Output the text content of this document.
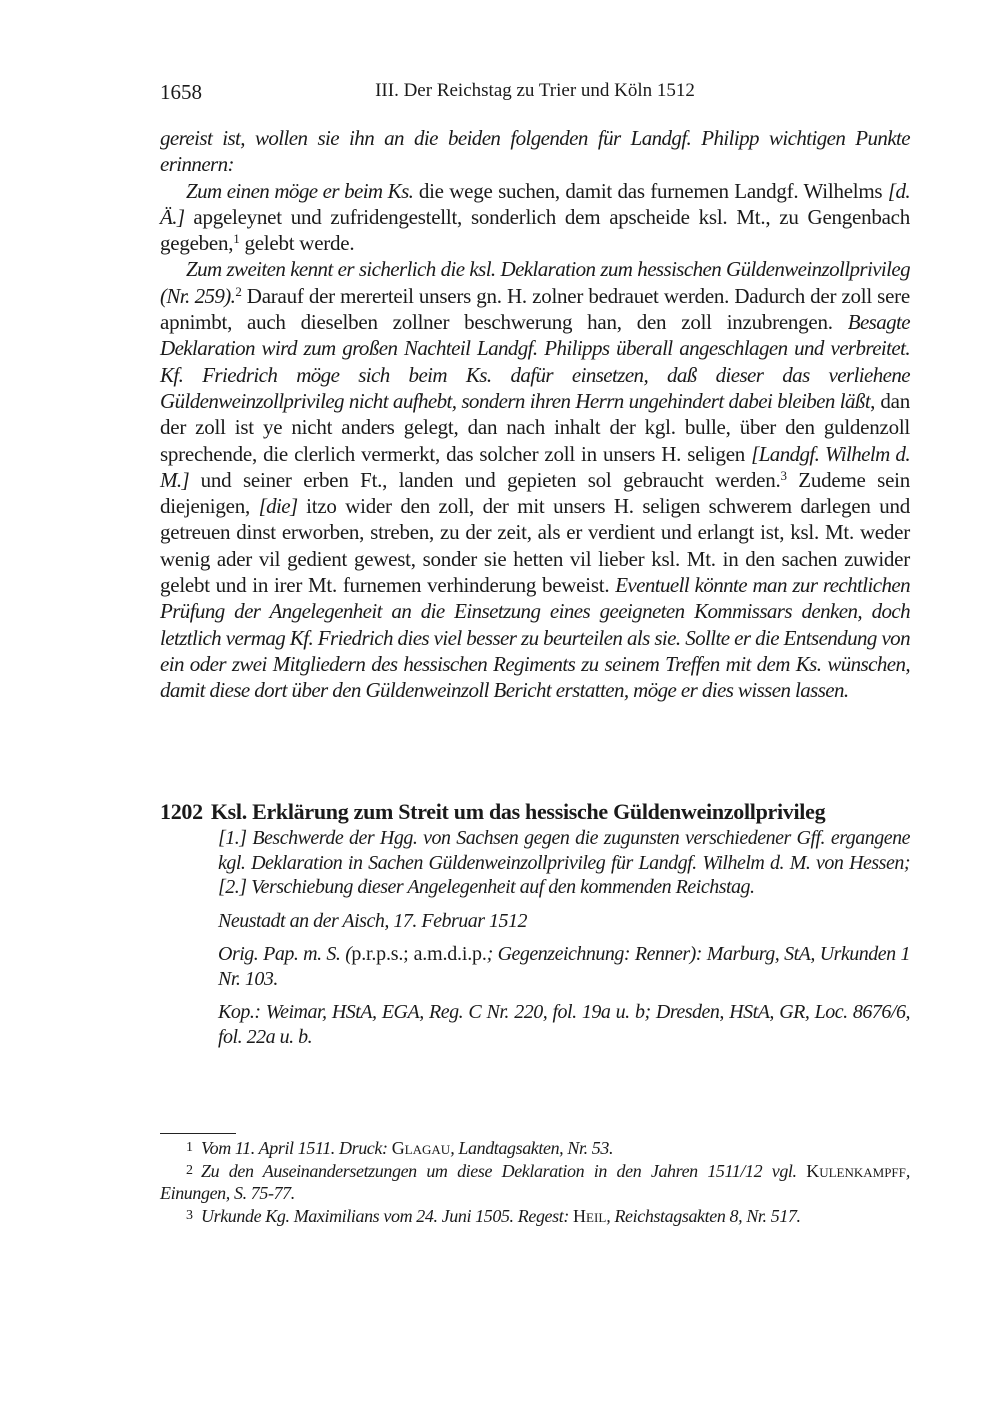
1658	III. Der Reichstag zu Trier und Köln 1512

gereist ist, wollen sie ihn an die beiden folgenden für Landgf. Philipp wichtigen Punkte erinnern:

Zum einen möge er beim Ks. die wege suchen, damit das furnemen Landgf. Wilhelms [d. Ä.] apgeleynet und zufridengestellt, sonderlich dem apscheide ksl. Mt., zu Gengenbach gegeben,$^1$ gelebt werde.

Zum zweiten kennt er sicherlich die ksl. Deklaration zum hessischen Güldenweinzollprivileg (Nr. 259).$^2$ Darauf der mererteil unsers gn. H. zolner bedrauet werden. Dadurch der zoll sere apnimbt, auch dieselben zollner beschwerung han, den zoll inzubrengen. Besagte Deklaration wird zum großen Nachteil Landgf. Philipps überall angeschlagen und verbreitet. Kf. Friedrich möge sich beim Ks. dafür einsetzen, daß dieser das verliehene Güldenweinzollprivileg nicht aufhebt, sondern ihren Herrn ungehindert dabei bleiben läßt, dan der zoll ist ye nicht anders gelegt, dan nach inhalt der kgl. bulle, über den guldenzoll sprechende, die clerlich vermerkt, das solcher zoll in unsers H. seligen [Landgf. Wilhelm d. M.] und seiner erben Ft., landen und gepieten sol gebraucht werden.$^3$ Zudeme sein diejenigen, [die] itzo wider den zoll, der mit unsers H. seligen schwerem darlegen und getreuen dinst erworben, streben, zu der zeit, als er verdient und erlangt ist, ksl. Mt. weder wenig ader vil gedient gewest, sonder sie hetten vil lieber ksl. Mt. in den sachen zuwider gelebt und in irer Mt. furnemen verhinderung beweist. Eventuell könnte man zur rechtlichen Prüfung der Angelegenheit an die Einsetzung eines geeigneten Kommissars denken, doch letztlich vermag Kf. Friedrich dies viel besser zu beurteilen als sie. Sollte er die Entsendung von ein oder zwei Mitgliedern des hessischen Regiments zu seinem Treffen mit dem Ks. wünschen, damit diese dort über den Güldenweinzoll Bericht erstatten, möge er dies wissen lassen.

1202 Ksl. Erklärung zum Streit um das hessische Güldenweinzollprivileg

[1.] Beschwerde der Hgg. von Sachsen gegen die zugunsten verschiedener Gff. ergangene kgl. Deklaration in Sachen Güldenweinzollprivileg für Landgf. Wilhelm d. M. von Hessen; [2.] Verschiebung dieser Angelegenheit auf den kommenden Reichstag.

Neustadt an der Aisch, 17. Februar 1512

Orig. Pap. m. S. (p.r.p.s.; a.m.d.i.p.; Gegenzeichnung: Renner): Marburg, StA, Urkunden 1 Nr. 103.

Kop.: Weimar, HStA, EGA, Reg. C Nr. 220, fol. 19a u. b; Dresden, HStA, GR, Loc. 8676/6, fol. 22a u. b.

1 Vom 11. April 1511. Druck: Glagau, Landtagsakten, Nr. 53.

2 Zu den Auseinandersetzungen um diese Deklaration in den Jahren 1511/12 vgl. Kulenkampff, Einungen, S. 75-77.

3 Urkunde Kg. Maximilians vom 24. Juni 1505. Regest: Heil, Reichstagsakten 8, Nr. 517.
